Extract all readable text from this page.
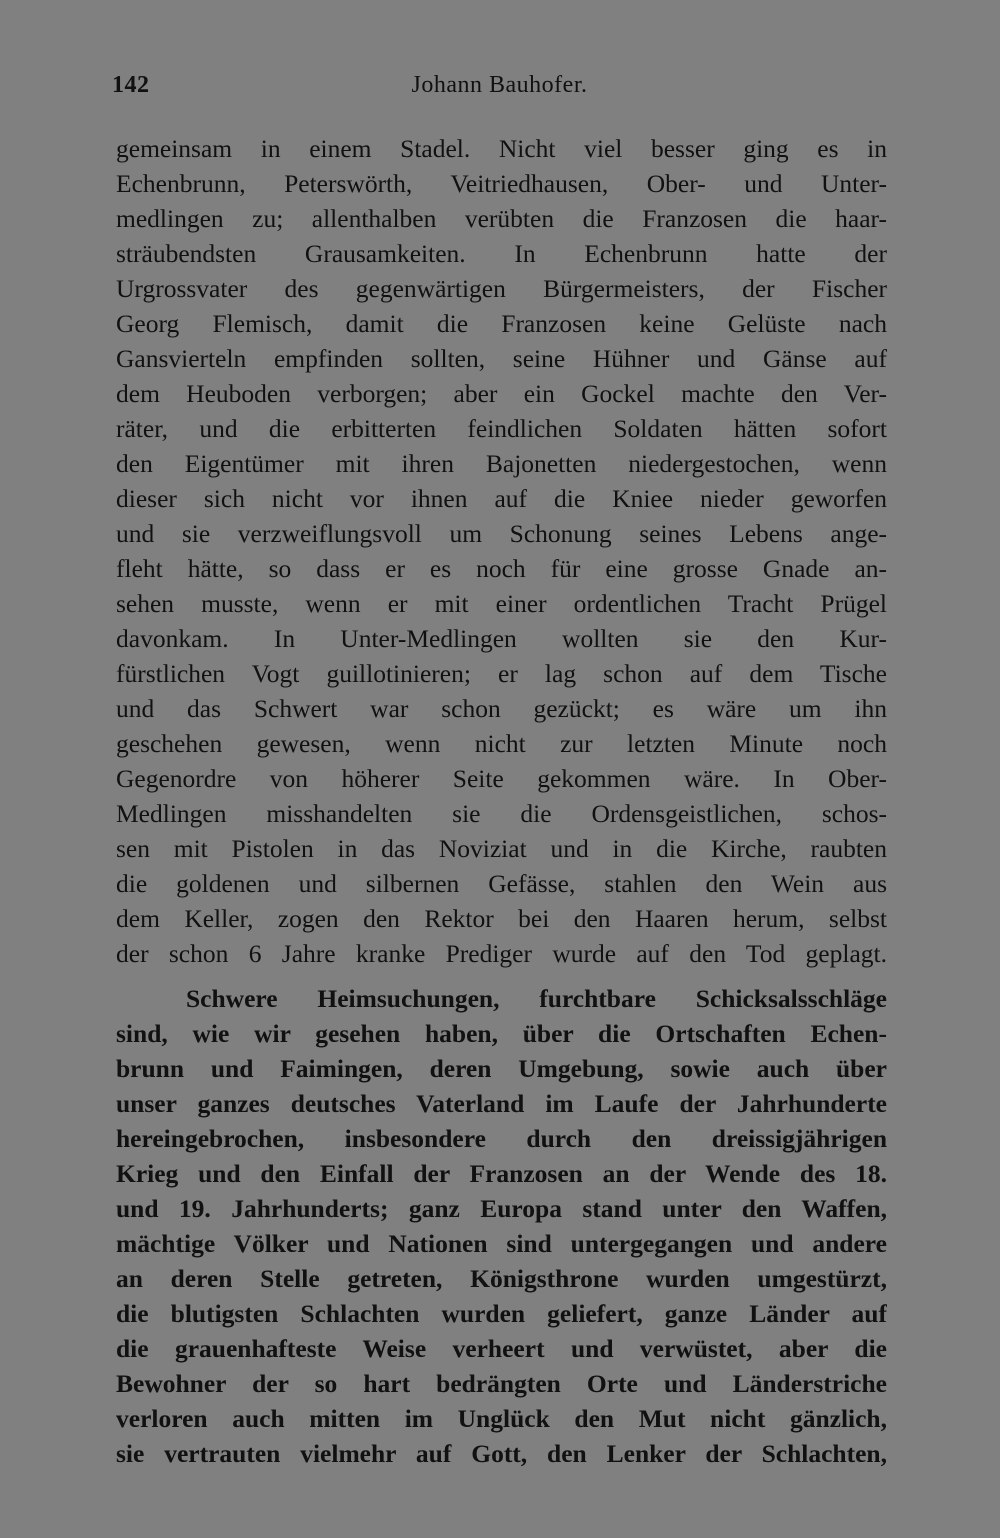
142	Johann Bauhofer.
gemeinsam in einem Stadel. Nicht viel besser ging es in
Echenbrunn, Peterswörth, Veitriedhausen, Ober- und Unter-
medlingen zu; allenthalben verübten die Franzosen die haar-
sträubendsten Grausamkeiten. In Echenbrunn hatte der
Urgrossvater des gegenwärtigen Bürgermeisters, der Fischer
Georg Flemisch, damit die Franzosen keine Gelüste nach
Gansvierteln empfinden sollten, seine Hühner und Gänse auf
dem Heuboden verborgen; aber ein Gockel machte den Ver-
räter, und die erbitterten feindlichen Soldaten hätten sofort
den Eigentümer mit ihren Bajonetten niedergestochen, wenn
dieser sich nicht vor ihnen auf die Kniee nieder geworfen
und sie verzweiflungsvoll um Schonung seines Lebens ange-
fleht hätte, so dass er es noch für eine grosse Gnade an-
sehen musste, wenn er mit einer ordentlichen Tracht Prügel
davonkam. In Unter-Medlingen wollten sie den Kur-
fürstlichen Vogt guillotinieren; er lag schon auf dem Tische
und das Schwert war schon gezückt; es wäre um ihn
geschehen gewesen, wenn nicht zur letzten Minute noch
Gegenordre von höherer Seite gekommen wäre. In Ober-
Medlingen misshandelten sie die Ordensgeistlichen, schos-
sen mit Pistolen in das Noviziat und in die Kirche, raubten
die goldenen und silbernen Gefässe, stahlen den Wein aus
dem Keller, zogen den Rektor bei den Haaren herum, selbst
der schon 6 Jahre kranke Prediger wurde auf den Tod geplagt.
Schwere Heimsuchungen, furchtbare Schicksalsschläge
sind, wie wir gesehen haben, über die Ortschaften Echen-
brunn und Faimingen, deren Umgebung, sowie auch über
unser ganzes deutsches Vaterland im Laufe der Jahrhunderte
hereingebrochen, insbesondere durch den dreissigjährigen
Krieg und den Einfall der Franzosen an der Wende des 18.
und 19. Jahrhunderts; ganz Europa stand unter den Waffen,
mächtige Völker und Nationen sind untergegangen und andere
an deren Stelle getreten, Königsthrone wurden umgestürzt,
die blutigsten Schlachten wurden geliefert, ganze Länder auf
die grauenhafteste Weise verheert und verwüstet, aber die
Bewohner der so hart bedrängten Orte und Länderstriche
verloren auch mitten im Unglück den Mut nicht gänzlich,
sie vertrauten vielmehr auf Gott, den Lenker der Schlachten,
